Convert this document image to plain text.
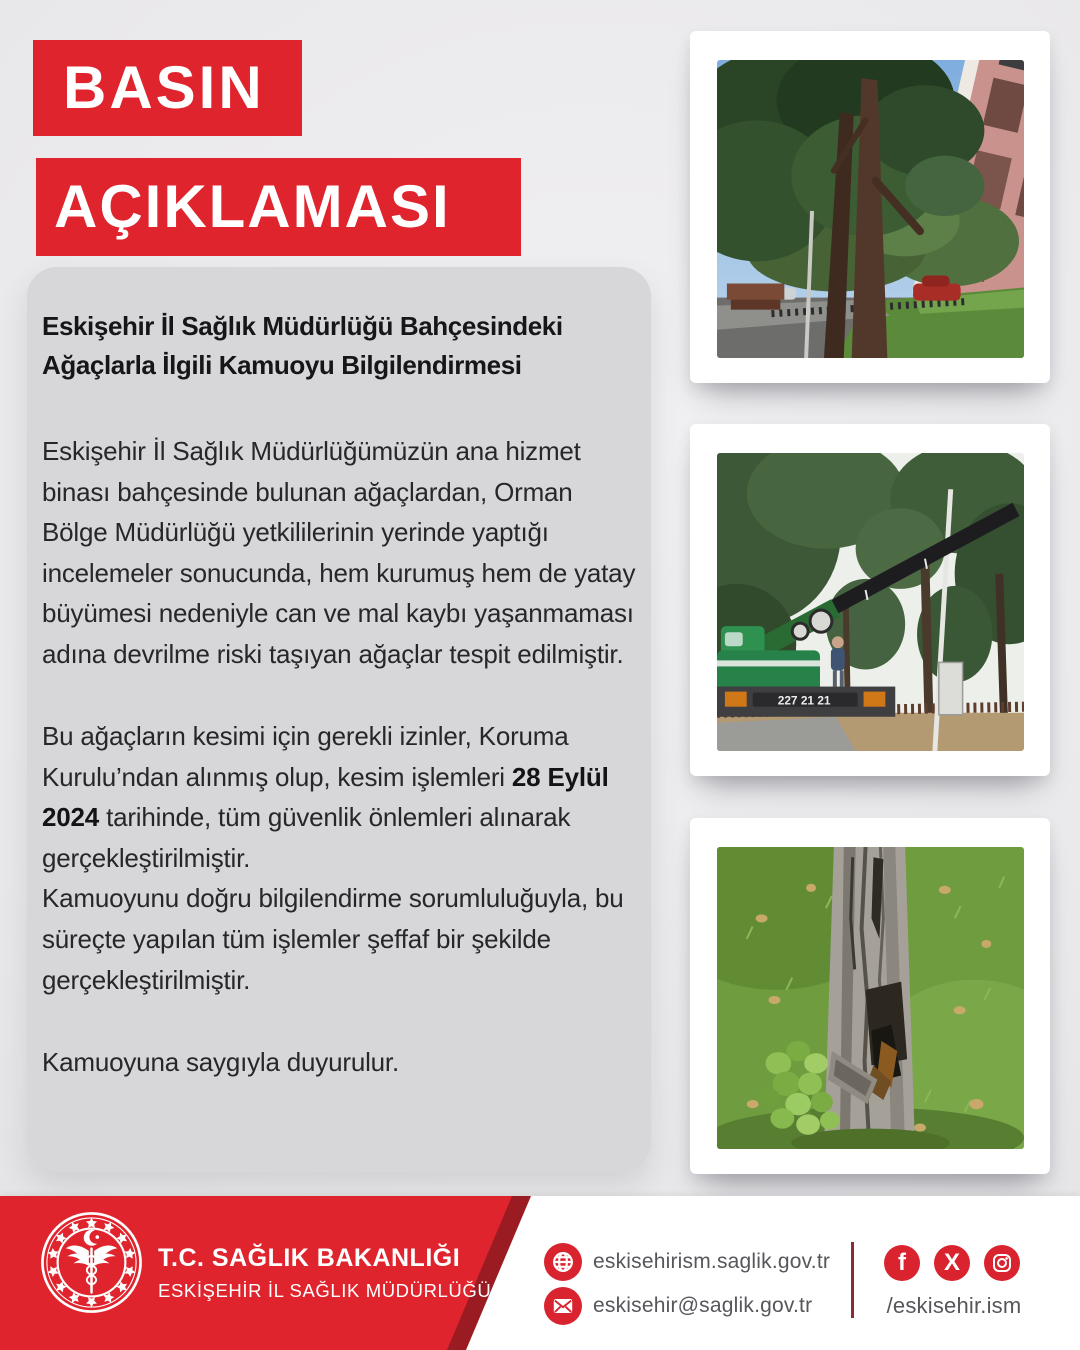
BASIN
AÇIKLAMASI
Eskişehir İl Sağlık Müdürlüğü Bahçesindeki
Ağaçlarla İlgili Kamuoyu Bilgilendirmesi

Eskişehir İl Sağlık Müdürlüğümüzün ana hizmet binası bahçesinde bulunan ağaçlardan, Orman Bölge Müdürlüğü yetkililerinin yerinde yaptığı incelemeler sonucunda, hem kurumuş hem de yatay büyümesi nedeniyle can ve mal kaybı yaşanmaması adına devrilme riski taşıyan ağaçlar tespit edilmiştir.

Bu ağaçların kesimi için gerekli izinler, Koruma Kurulu’ndan alınmış olup, kesim işlemleri 28 Eylül 2024 tarihinde, tüm güvenlik önlemleri alınarak gerçekleştirilmiştir.

Kamuoyunu doğru bilgilendirme sorumluluğuyla, bu süreçte yapılan tüm işlemler şeffaf bir şekilde gerçekleştirilmiştir.

Kamuoyuna saygıyla duyurulur.

227 21 21
T.C. SAĞLIK BAKANLIĞI
ESKİŞEHİR İL SAĞLIK MÜDÜRLÜĞÜ
eskisehirism.saglik.gov.tr
eskisehir@saglik.gov.tr
f	X
/eskisehir.ism
